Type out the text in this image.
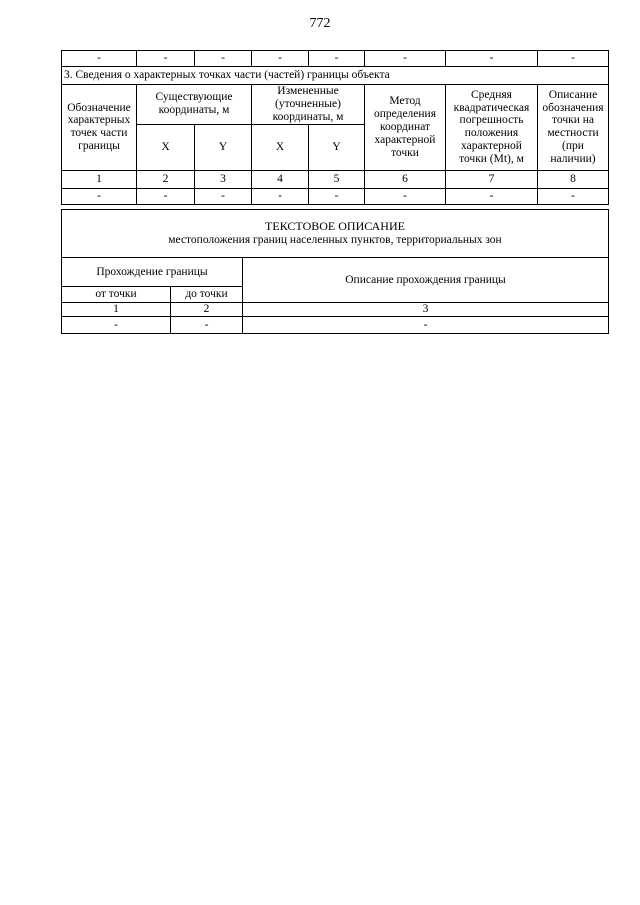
772
-	-	-	-	-	-	-	-
3. Сведения о характерных точках части (частей) границы объекта							
Обозначение характерных точек части границы	Существующие координаты, м		Измененные (уточненные) координаты, м		Метод определения координат характерной точки	Средняя квадратическая погрешность положения характерной точки (Mt), м	Описание обозначения точки на местности (при наличии)
	X	Y	X	Y			
1	2	3	4	5	6	7	8
-	-	-	-	-	-	-	-
ТЕКСТОВОЕ ОПИСАНИЕ
местоположения границ населенных пунктов, территориальных зон		

Прохождение границы		Описание прохождения границы
от точки	до точки	
1	2	3
-	-	-
